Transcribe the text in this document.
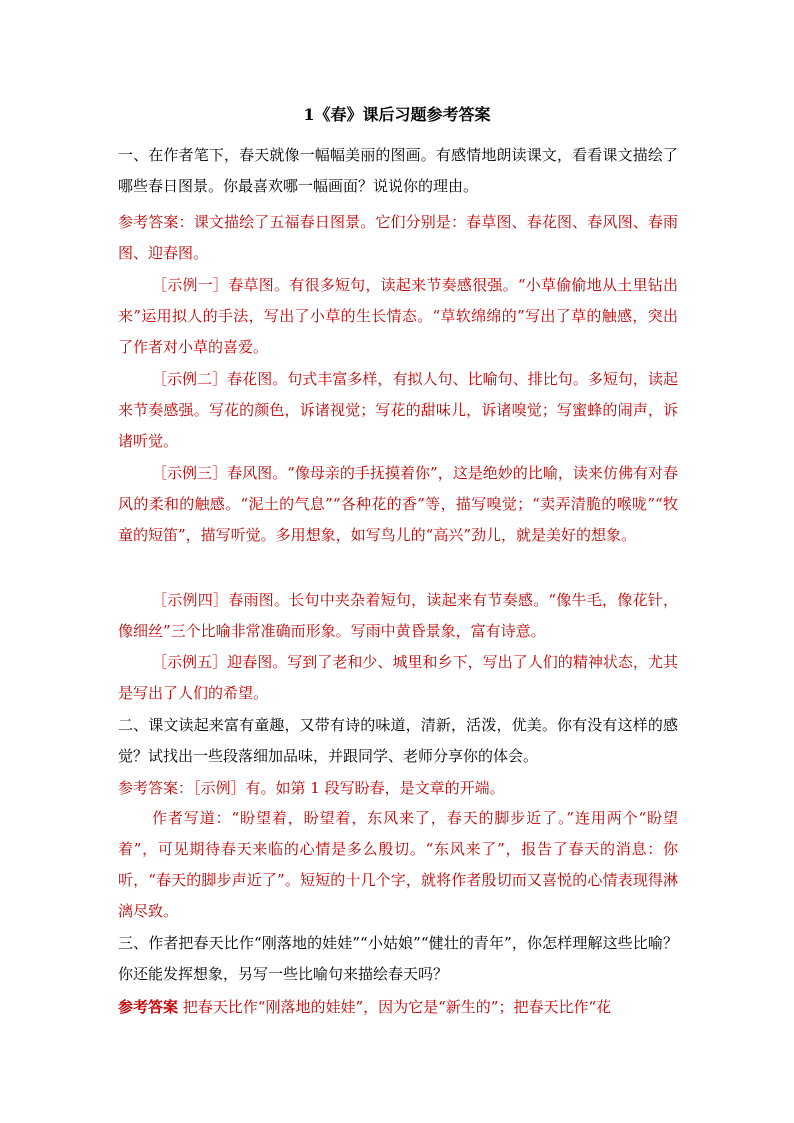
1《春》课后习题参考答案
一、在作者笔下，春天就像一幅幅美丽的图画。有感情地朗读课文，看看课文描绘了哪些春日图景。你最喜欢哪一幅画面？说说你的理由。
参考答案：课文描绘了五福春日图景。它们分别是：春草图、春花图、春风图、春雨图、迎春图。
［示例一］春草图。有很多短句，读起来节奏感很强。“小草偷偷地从土里钻出来”运用拟人的手法，写出了小草的生长情态。“草软绵绵的”写出了草的触感，突出了作者对小草的喜爱。
［示例二］春花图。句式丰富多样，有拟人句、比喻句、排比句。多短句，读起来节奏感强。写花的颜色，诉诸视觉；写花的甜味儿，诉诸嗅觉；写蜜蜂的闹声，诉诸听觉。
［示例三］春风图。“像母亲的手抚摸着你”，这是绝妙的比喻，读来仿佛有对春风的柔和的触感。“泥土的气息”“各种花的香”等，描写嗅觉；“卖弄清脆的喉咙”“牧童的短笛”，描写听觉。多用想象，如写鸟儿的“高兴”劲儿，就是美好的想象。
［示例四］春雨图。长句中夹杂着短句，读起来有节奏感。“像牛毛，像花针，像细丝”三个比喻非常准确而形象。写雨中黄昏景象，富有诗意。
［示例五］迎春图。写到了老和少、城里和乡下，写出了人们的精神状态，尤其是写出了人们的希望。
二、课文读起来富有童趣，又带有诗的味道，清新，活泼，优美。你有没有这样的感觉？试找出一些段落细加品味，并跟同学、老师分享你的体会。
参考答案：［示例］有。如第 1 段写盼春，是文章的开端。
作者写道：“盼望着，盼望着，东风来了，春天的脚步近了。”连用两个“盼望着”，可见期待春天来临的心情是多么殷切。“东风来了”，报告了春天的消息：你听，“春天的脚步声近了”。短短的十几个字，就将作者殷切而又喜悦的心情表现得淋漓尽致。
三、作者把春天比作“刚落地的娃娃”“小姑娘”“健壮的青年”，你怎样理解这些比喻？你还能发挥想象，另写一些比喻句来描绘春天吗？
参考答案 把春天比作“刚落地的娃娃”，因为它是“新生的”；把春天比作“花
